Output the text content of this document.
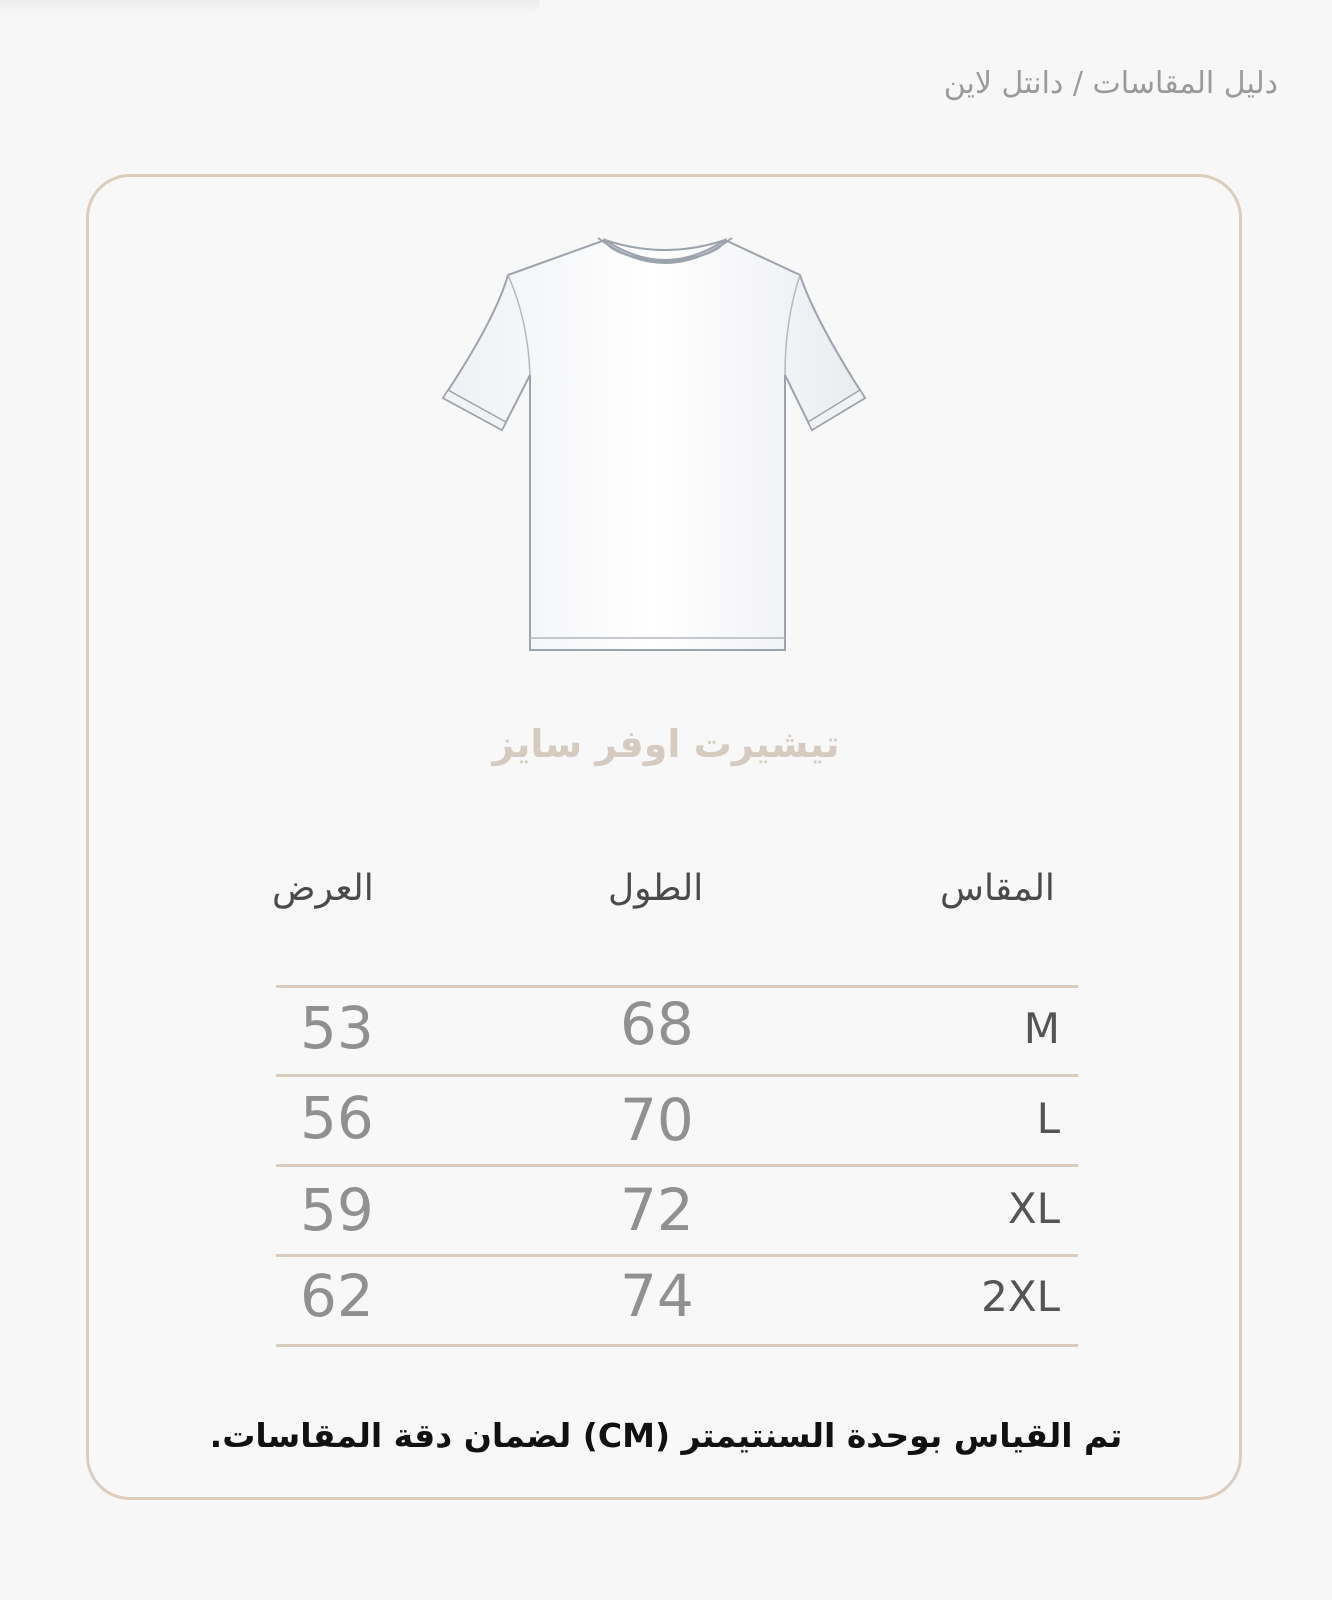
دليل المقاسات / دانتل لاين
تيشيرت اوفر سايز
المقاس
الطول
العرض
M
68
53
L
70
56
XL
72
59
2XL
74
62
تم القياس بوحدة السنتيمتر (CM) لضمان دقة المقاسات.
